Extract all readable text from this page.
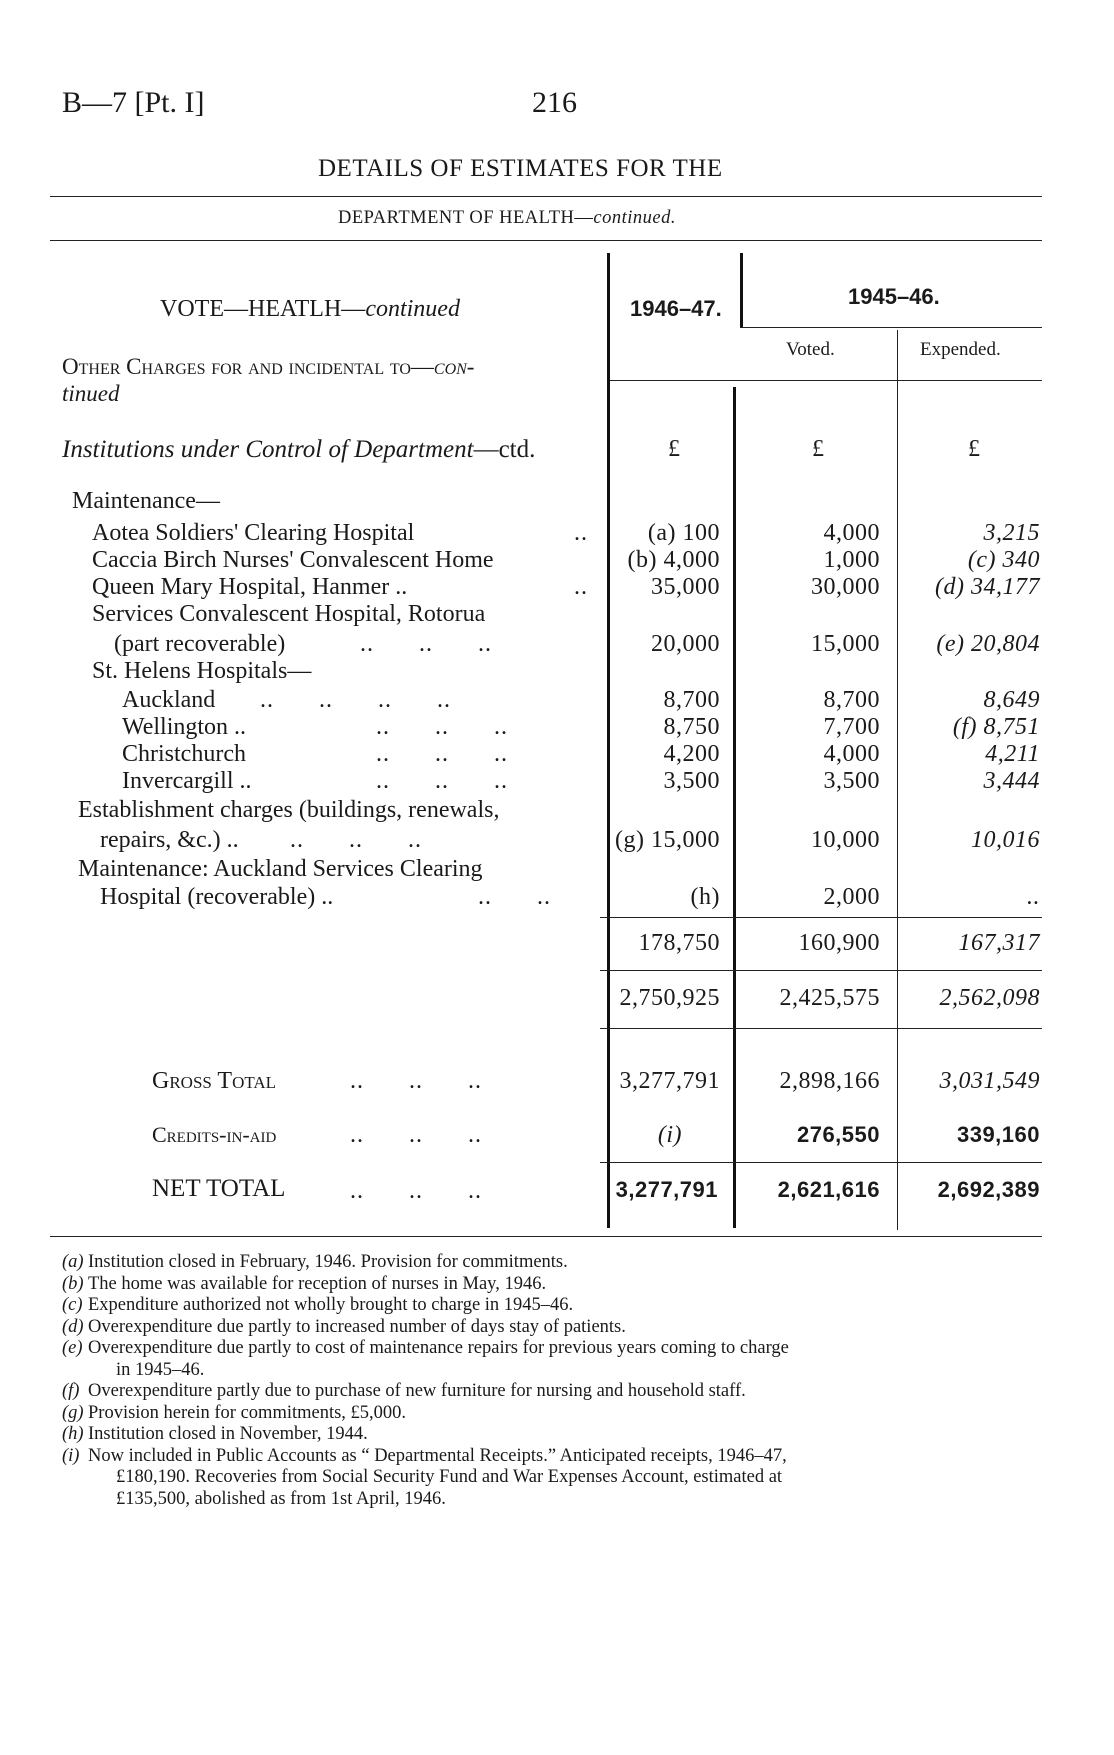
B—7 [Pt. I]	216
DETAILS OF ESTIMATES FOR THE
DEPARTMENT OF HEALTH—continued.
1946–47.	1945–46.
Voted.	Expended.
£	£	£
VOTE—HEATLH—continued
Other Charges for and incidental to—con-
tinued
Institutions under Control of Department—ctd.
Maintenance—
Aotea Soldiers' Clearing Hospital	..	(a) 100	4,000	3,215
Caccia Birch Nurses' Convalescent Home	(b) 4,000	1,000	(c) 340
Queen Mary Hospital, Hanmer ..	..	35,000	30,000	(d) 34,177
Services Convalescent Hospital, Rotorua
(part recoverable)	.. .. ..	20,000	15,000	(e) 20,804
St. Helens Hospitals—
Auckland .. .. .. ..	8,700	8,700	8,649
Wellington ..	.. .. ..	8,750	7,700	(f) 8,751
Christchurch	.. .. ..	4,200	4,000	4,211
Invercargill ..	.. .. ..	3,500	3,500	3,444
Establishment charges (buildings, renewals,
repairs, &c.) .. .. .. ..	(g) 15,000	10,000	10,016
Maintenance: Auckland Services Clearing
Hospital (recoverable) ..	.. ..	(h)	2,000	..
178,750	160,900	167,317
2,750,925	2,425,575	2,562,098
Gross Total	.. .. ..	3,277,791	2,898,166	3,031,549
Credits-in-aid	.. .. ..	(i)	276,550	339,160
NET TOTAL	.. .. ..	3,277,791	2,621,616	2,692,389
(a) Institution closed in February, 1946. Provision for commitments.
(b) The home was available for reception of nurses in May, 1946.
(c) Expenditure authorized not wholly brought to charge in 1945–46.
(d) Overexpenditure due partly to increased number of days stay of patients.
(e) Overexpenditure due partly to cost of maintenance repairs for previous years coming to charge
in 1945–46.
(f) Overexpenditure partly due to purchase of new furniture for nursing and household staff.
(g) Provision herein for commitments, £5,000.
(h) Institution closed in November, 1944.
(i) Now included in Public Accounts as “ Departmental Receipts.” Anticipated receipts, 1946–47,
£180,190. Recoveries from Social Security Fund and War Expenses Account, estimated at
£135,500, abolished as from 1st April, 1946.
